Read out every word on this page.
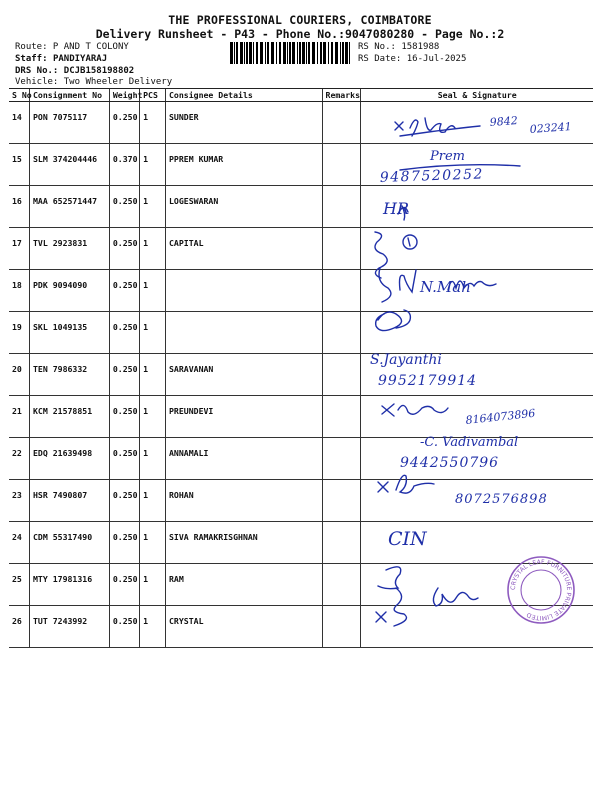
THE PROFESSIONAL COURIERS, COIMBATORE
Delivery Runsheet - P43 - Phone No.:9047080280 - Page No.:2
Route: P AND T COLONY
Staff: PANDIYARAJ
DRS No.: DCJB158198802
Vehicle: Two Wheeler Delivery
RS No.: 1581988
RS Date: 16-Jul-2025
S No	Consignment No	Weight	PCS	Consignee Details	Remarks	Seal & Signature
14	PON 7075117	0.250	1	SUNDER		
15	SLM 374204446	0.370	1	PPREM KUMAR		
16	MAA 652571447	0.250	1	LOGESWARAN		
17	TVL 2923831	0.250	1	CAPITAL		
18	PDK 9094090	0.250	1			
19	SKL 1049135	0.250	1			
20	TEN 7986332	0.250	1	SARAVANAN		
21	KCM 21578851	0.250	1	PREUNDEVI		
22	EDQ 21639498	0.250	1	ANNAMALI		
23	HSR 7490807	0.250	1	ROHAN		
24	CDM 55317490	0.250	1	SIVA RAMAKRISGHNAN		
25	MTY 17981316	0.250	1	RAM		
26	TUT 7243992	0.250	1	CRYSTAL		
9842 023241
Prem
9487520252
HR
N.Mah
S.Jayanthi
9952179914
8164073896
-C. Vadivambal
9442550796
8072576898
CIN
CRYSTAL LEAF FURNITURE PRIVATE LIMITED
